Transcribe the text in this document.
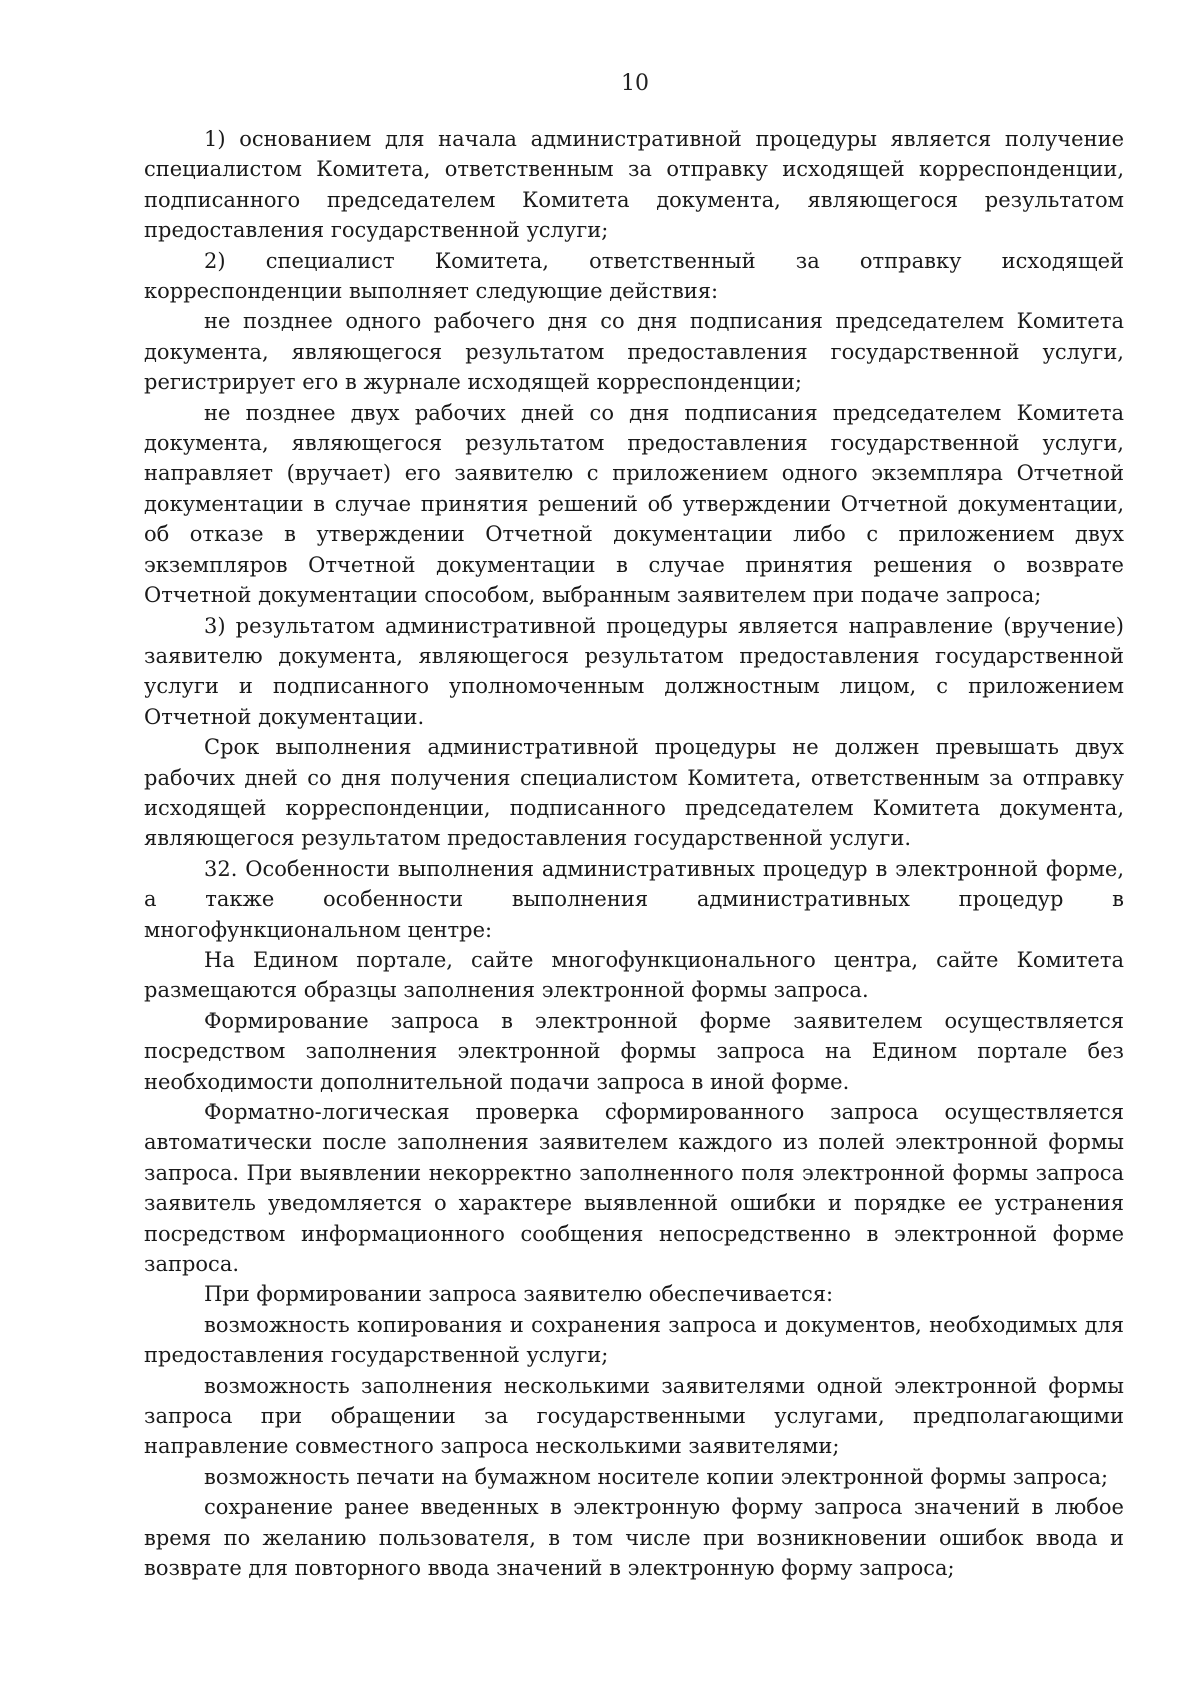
10

1) основанием для начала административной процедуры является получение специалистом Комитета, ответственным за отправку исходящей корреспонденции, подписанного председателем Комитета документа, являющегося результатом предоставления государственной услуги;

2) специалист Комитета, ответственный за отправку исходящей корреспонденции выполняет следующие действия:

не позднее одного рабочего дня со дня подписания председателем Комитета документа, являющегося результатом предоставления государственной услуги, регистрирует его в журнале исходящей корреспонденции;

не позднее двух рабочих дней со дня подписания председателем Комитета документа, являющегося результатом предоставления государственной услуги, направляет (вручает) его заявителю с приложением одного экземпляра Отчетной документации в случае принятия решений об утверждении Отчетной документации, об отказе в утверждении Отчетной документации либо с приложением двух экземпляров Отчетной документации в случае принятия решения о возврате Отчетной документации способом, выбранным заявителем при подаче запроса;

3) результатом административной процедуры является направление (вручение) заявителю документа, являющегося результатом предоставления государственной услуги и подписанного уполномоченным должностным лицом, с приложением Отчетной документации.

Срок выполнения административной процедуры не должен превышать двух рабочих дней со дня получения специалистом Комитета, ответственным за отправку исходящей корреспонденции, подписанного председателем Комитета документа, являющегося результатом предоставления государственной услуги.

32. Особенности выполнения административных процедур в электронной форме, а также особенности выполнения административных процедур в многофункциональном центре:

На Едином портале, сайте многофункционального центра, сайте Комитета размещаются образцы заполнения электронной формы запроса.

Формирование запроса в электронной форме заявителем осуществляется посредством заполнения электронной формы запроса на Едином портале без необходимости дополнительной подачи запроса в иной форме.

Форматно-логическая проверка сформированного запроса осуществляется автоматически после заполнения заявителем каждого из полей электронной формы запроса. При выявлении некорректно заполненного поля электронной формы запроса заявитель уведомляется о характере выявленной ошибки и порядке ее устранения посредством информационного сообщения непосредственно в электронной форме запроса.

При формировании запроса заявителю обеспечивается:

возможность копирования и сохранения запроса и документов, необходимых для предоставления государственной услуги;

возможность заполнения несколькими заявителями одной электронной формы запроса при обращении за государственными услугами, предполагающими направление совместного запроса несколькими заявителями;

возможность печати на бумажном носителе копии электронной формы запроса;

сохранение ранее введенных в электронную форму запроса значений в любое время по желанию пользователя, в том числе при возникновении ошибок ввода и возврате для повторного ввода значений в электронную форму запроса;
